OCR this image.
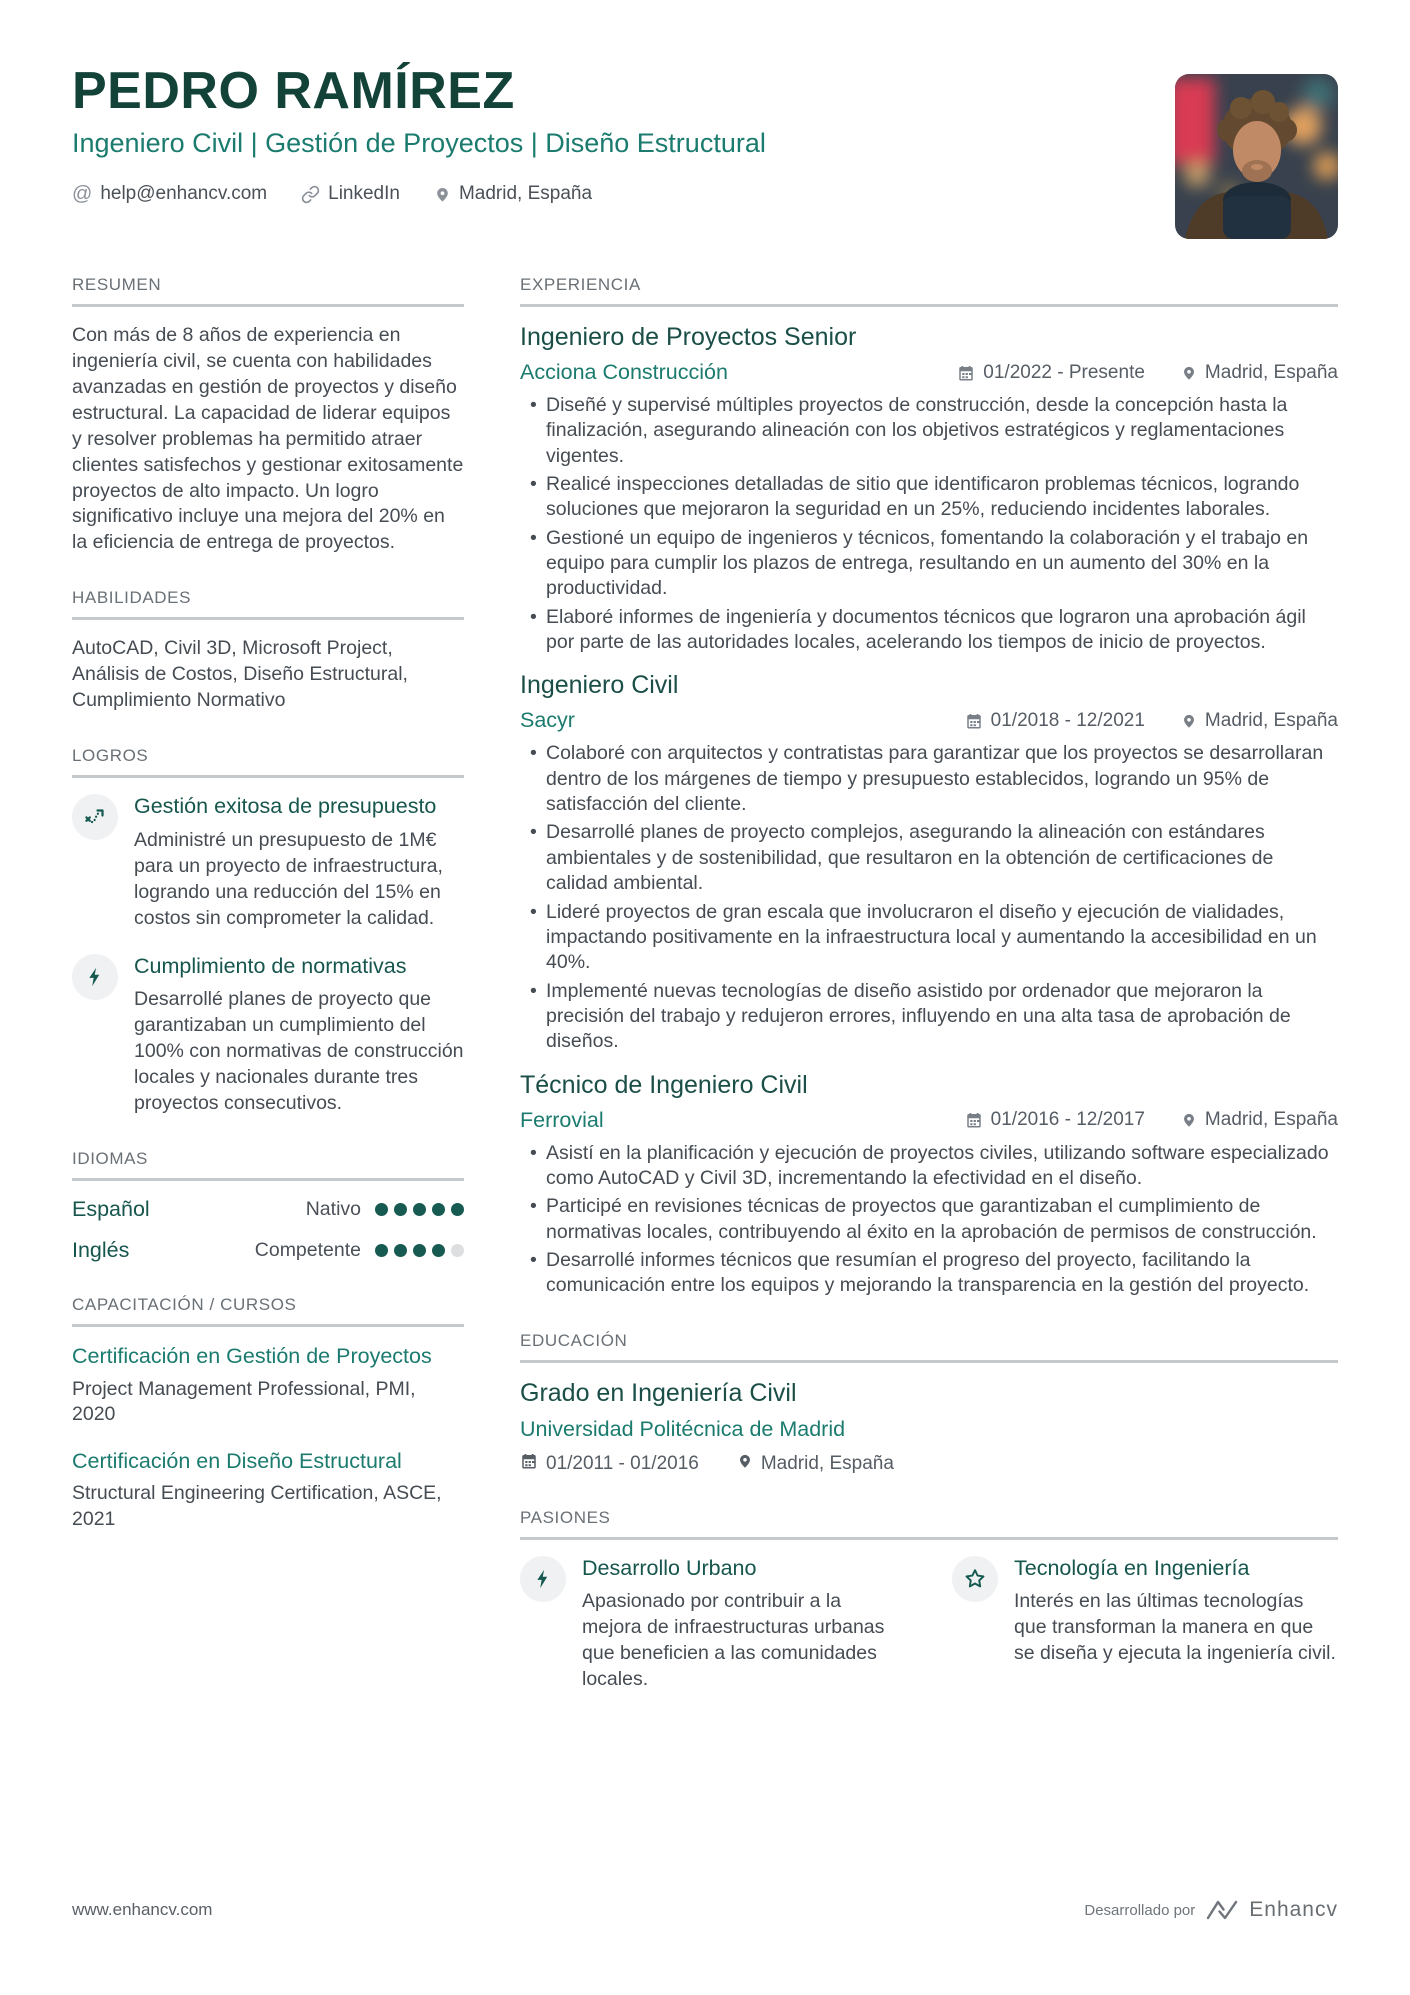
PEDRO RAMÍREZ
Ingeniero Civil | Gestión de Proyectos | Diseño Estructural
@ help@enhancv.com	LinkedIn	Madrid, España
RESUMEN
Con más de 8 años de experiencia en ingeniería civil, se cuenta con habilidades avanzadas en gestión de proyectos y diseño estructural. La capacidad de liderar equipos y resolver problemas ha permitido atraer clientes satisfechos y gestionar exitosamente proyectos de alto impacto. Un logro significativo incluye una mejora del 20% en la eficiencia de entrega de proyectos.
HABILIDADES
AutoCAD, Civil 3D, Microsoft Project, Análisis de Costos, Diseño Estructural, Cumplimiento Normativo
LOGROS
Gestión exitosa de presupuesto
Administré un presupuesto de 1M€ para un proyecto de infraestructura, logrando una reducción del 15% en costos sin comprometer la calidad.
Cumplimiento de normativas
Desarrollé planes de proyecto que garantizaban un cumplimiento del 100% con normativas de construcción locales y nacionales durante tres proyectos consecutivos.
IDIOMAS
Español	Nativo
Inglés	Competente
CAPACITACIÓN / CURSOS
Certificación en Gestión de Proyectos
Project Management Professional, PMI, 2020
Certificación en Diseño Estructural
Structural Engineering Certification, ASCE, 2021
EXPERIENCIA
Ingeniero de Proyectos Senior
Acciona Construcción	01/2022 - Presente	Madrid, España
• Diseñé y supervisé múltiples proyectos de construcción, desde la concepción hasta la finalización, asegurando alineación con los objetivos estratégicos y reglamentaciones vigentes.
• Realicé inspecciones detalladas de sitio que identificaron problemas técnicos, logrando soluciones que mejoraron la seguridad en un 25%, reduciendo incidentes laborales.
• Gestioné un equipo de ingenieros y técnicos, fomentando la colaboración y el trabajo en equipo para cumplir los plazos de entrega, resultando en un aumento del 30% en la productividad.
• Elaboré informes de ingeniería y documentos técnicos que lograron una aprobación ágil por parte de las autoridades locales, acelerando los tiempos de inicio de proyectos.
Ingeniero Civil
Sacyr	01/2018 - 12/2021	Madrid, España
• Colaboré con arquitectos y contratistas para garantizar que los proyectos se desarrollaran dentro de los márgenes de tiempo y presupuesto establecidos, logrando un 95% de satisfacción del cliente.
• Desarrollé planes de proyecto complejos, asegurando la alineación con estándares ambientales y de sostenibilidad, que resultaron en la obtención de certificaciones de calidad ambiental.
• Lideré proyectos de gran escala que involucraron el diseño y ejecución de vialidades, impactando positivamente en la infraestructura local y aumentando la accesibilidad en un 40%.
• Implementé nuevas tecnologías de diseño asistido por ordenador que mejoraron la precisión del trabajo y redujeron errores, influyendo en una alta tasa de aprobación de diseños.
Técnico de Ingeniero Civil
Ferrovial	01/2016 - 12/2017	Madrid, España
• Asistí en la planificación y ejecución de proyectos civiles, utilizando software especializado como AutoCAD y Civil 3D, incrementando la efectividad en el diseño.
• Participé en revisiones técnicas de proyectos que garantizaban el cumplimiento de normativas locales, contribuyendo al éxito en la aprobación de permisos de construcción.
• Desarrollé informes técnicos que resumían el progreso del proyecto, facilitando la comunicación entre los equipos y mejorando la transparencia en la gestión del proyecto.
EDUCACIÓN
Grado en Ingeniería Civil
Universidad Politécnica de Madrid
01/2011 - 01/2016	Madrid, España
PASIONES
Desarrollo Urbano
Apasionado por contribuir a la mejora de infraestructuras urbanas que beneficien a las comunidades locales.
Tecnología en Ingeniería
Interés en las últimas tecnologías que transforman la manera en que se diseña y ejecuta la ingeniería civil.
www.enhancv.com	Desarrollado por	Enhancv
